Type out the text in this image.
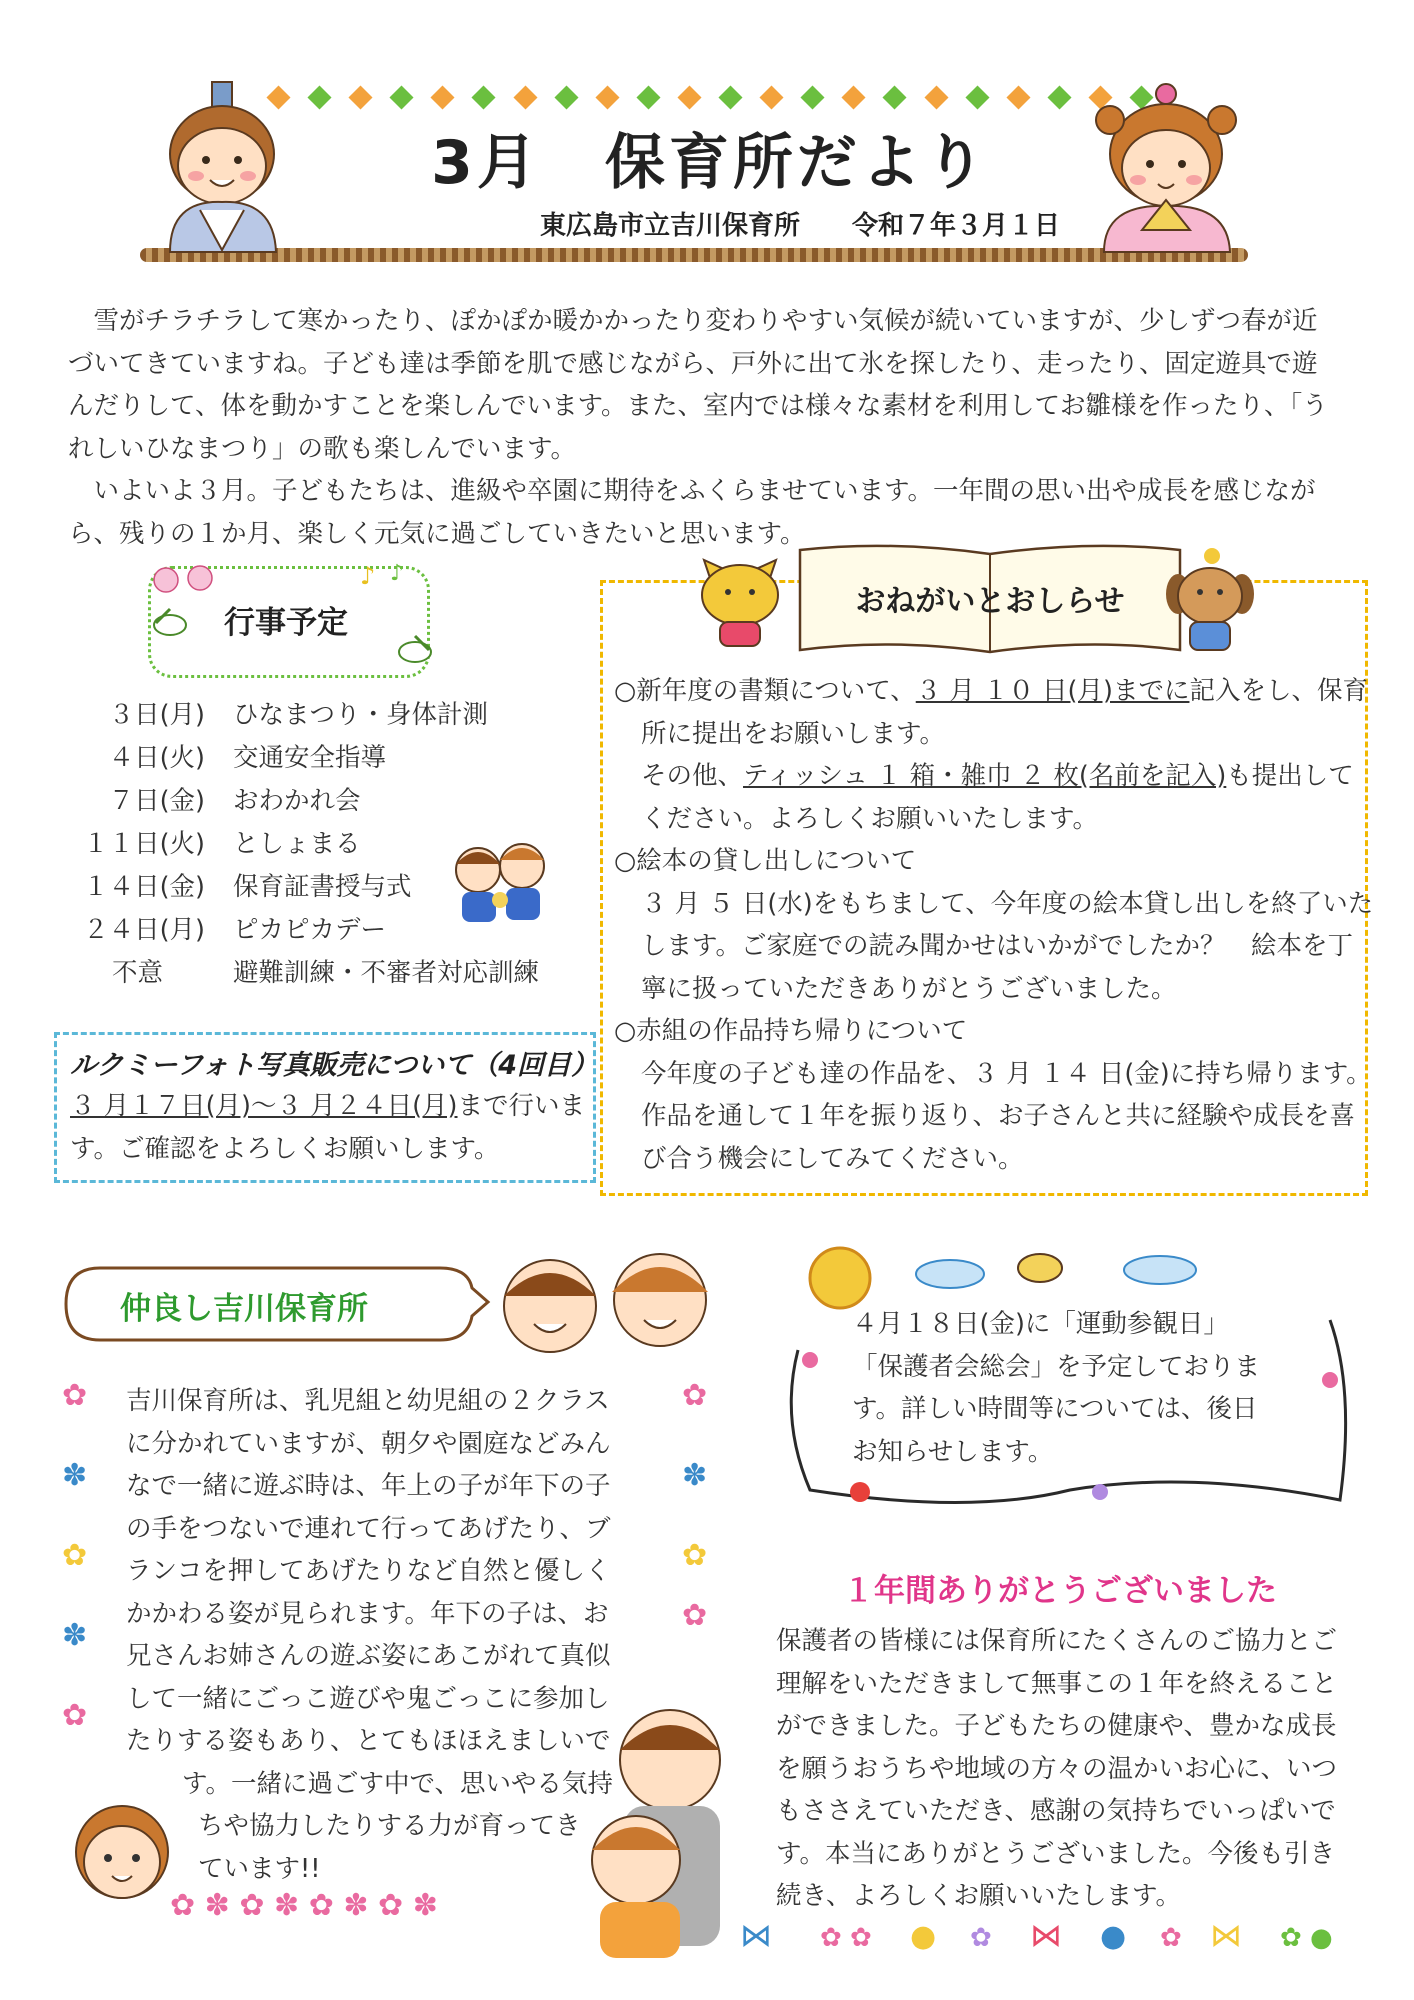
3月　保育所だより
東広島市立吉川保育所　　令和７年３月１日

雪がチラチラして寒かったり、ぽかぽか暖かかったり変わりやすい気候が続いていますが、少しずつ春が近づいてきていますね。子ども達は季節を肌で感じながら、戸外に出て氷を探したり、走ったり、固定遊具で遊んだりして、体を動かすことを楽しんでいます。また、室内では様々な素材を利用してお雛様を作ったり、「うれしいひなまつり」の歌も楽しんでいます。

いよいよ３月。子どもたちは、進級や卒園に期待をふくらませています。一年間の思い出や成長を感じながら、残りの１か月、楽しく元気に過ごしていきたいと思います。

♪ ♪
行事予定
３日(月) ひなまつり・身体計測
４日(火) 交通安全指導
７日(金) おわかれ会
１１日(火) としょまる
１４日(金) 保育証書授与式
２４日(月) ピカピカデー
不意	避難訓練・不審者対応訓練
ルクミーフォト写真販売について（4回目）
３ 月１７日(月)～３ 月２４日(月)まで行いま
す。ご確認をよろしくお願いします。
おねがいとおしらせ
○新年度の書類について、３ 月 １０ 日(月)までに記入をし、保育
所に提出をお願いします。
その他、ティッシュ １ 箱・雑巾 ２ 枚(名前を記入)も提出して
ください。よろしくお願いいたします。
○絵本の貸し出しについて
３ 月 ５ 日(水)をもちまして、今年度の絵本貸し出しを終了いた
します。ご家庭での読み聞かせはいかがでしたか？　絵本を丁
寧に扱っていただきありがとうございました。
○赤組の作品持ち帰りについて
今年度の子ども達の作品を、３ 月 １４ 日(金)に持ち帰ります。
作品を通して１年を振り返り、お子さんと共に経験や成長を喜
び合う機会にしてみてください。
仲良し吉川保育所
✿
✽
✿
✽
✿
✿
✽
✿
✿
✿ ✽ ✿ ✽ ✿ ✽ ✿ ✽
吉川保育所は、乳児組と幼児組の２クラス
に分かれていますが、朝夕や園庭などみん
なで一緒に遊ぶ時は、年上の子が年下の子
の手をつないで連れて行ってあげたり、ブ
ランコを押してあげたりなど自然と優しく
かかわる姿が見られます。年下の子は、お
兄さんお姉さんの遊ぶ姿にあこがれて真似
して一緒にごっこ遊びや鬼ごっこに参加し
たりする姿もあり、とてもほほえましいで
す。一緒に過ごす中で、思いやる気持
ちや協力したりする力が育ってき
ています!!
４月１８日(金)に「運動参観日」
「保護者会総会」を予定しておりま
す。詳しい時間等については、後日
お知らせします。
１年間ありがとうございました
保護者の皆様には保育所にたくさんのご協力とご
理解をいただきまして無事この１年を終えること
ができました。子どもたちの健康や、豊かな成長
を願うおうちや地域の方々の温かいお心に、いつ
もささえていただき、感謝の気持ちでいっぱいで
す。本当にありがとうございました。今後も引き
続き、よろしくお願いいたします。
⋈ ✿ ✿ ● ✿ ⋈ ● ✿ ⋈ ✿ ●
